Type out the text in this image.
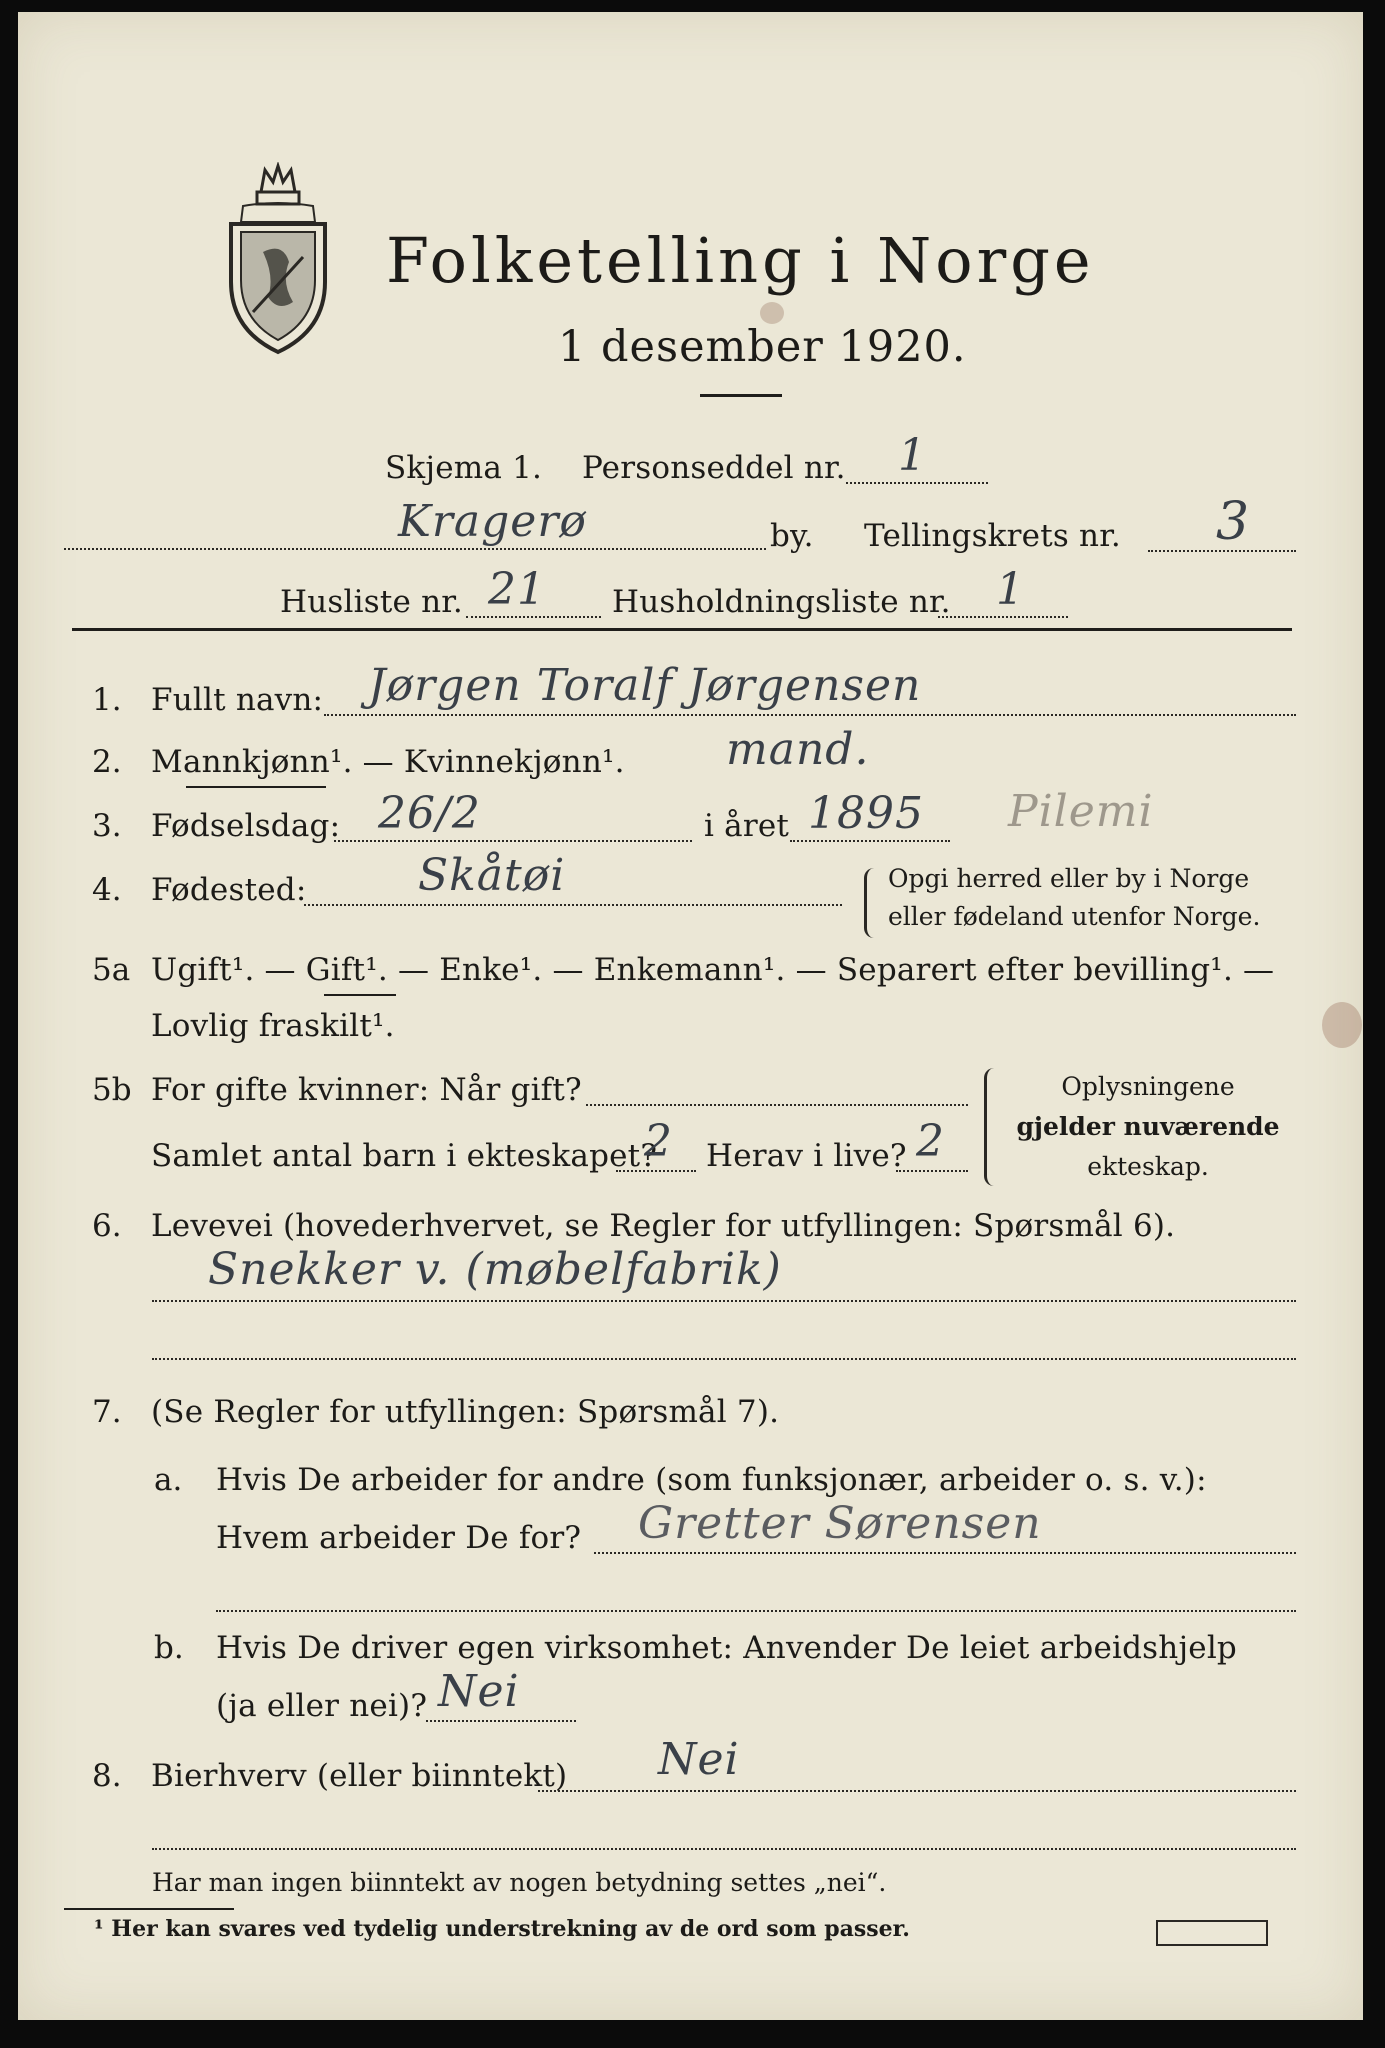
Folketelling i Norge
1 desember 1920.
Skjema 1. Personseddel nr. 1
Kragerø	by. Tellingskrets nr. 3
Husliste nr. 21 Husholdningsliste nr. 1
1. Fullt navn: Jørgen Toralf Jørgensen
2. Mannkjønn¹. — Kvinnekjønn¹. mand.
3. Fødselsdag: 26/2	i året 1895 Pilemi
4. Fødested:	Skåtøi	Opgi herred eller by i Norge
eller fødeland utenfor Norge.
5a Ugift¹. — Gift¹. — Enke¹. — Enkemann¹. — Separert efter bevilling¹. —
Lovlig fraskilt¹.
5b For gifte kvinner: Når gift?
Samlet antal barn i ekteskapet?
2 Herav i live? 2
Oplysningene
gjelder nuværende
ekteskap.
6. Levevei (hovederhvervet, se Regler for utfyllingen: Spørsmål 6).
Snekker v. (møbelfabrik)
7. (Se Regler for utfyllingen: Spørsmål 7).
a. Hvis De arbeider for andre (som funksjonær, arbeider o. s. v.):
Hvem arbeider De for? Gretter Sørensen
b. Hvis De driver egen virksomhet: Anvender De leiet arbeidshjelp
(ja eller nei)? Nei
8. Bierhverv (eller biinntekt) Nei
Har man ingen biinntekt av nogen betydning settes „nei“.
¹ Her kan svares ved tydelig understrekning av de ord som passer.
